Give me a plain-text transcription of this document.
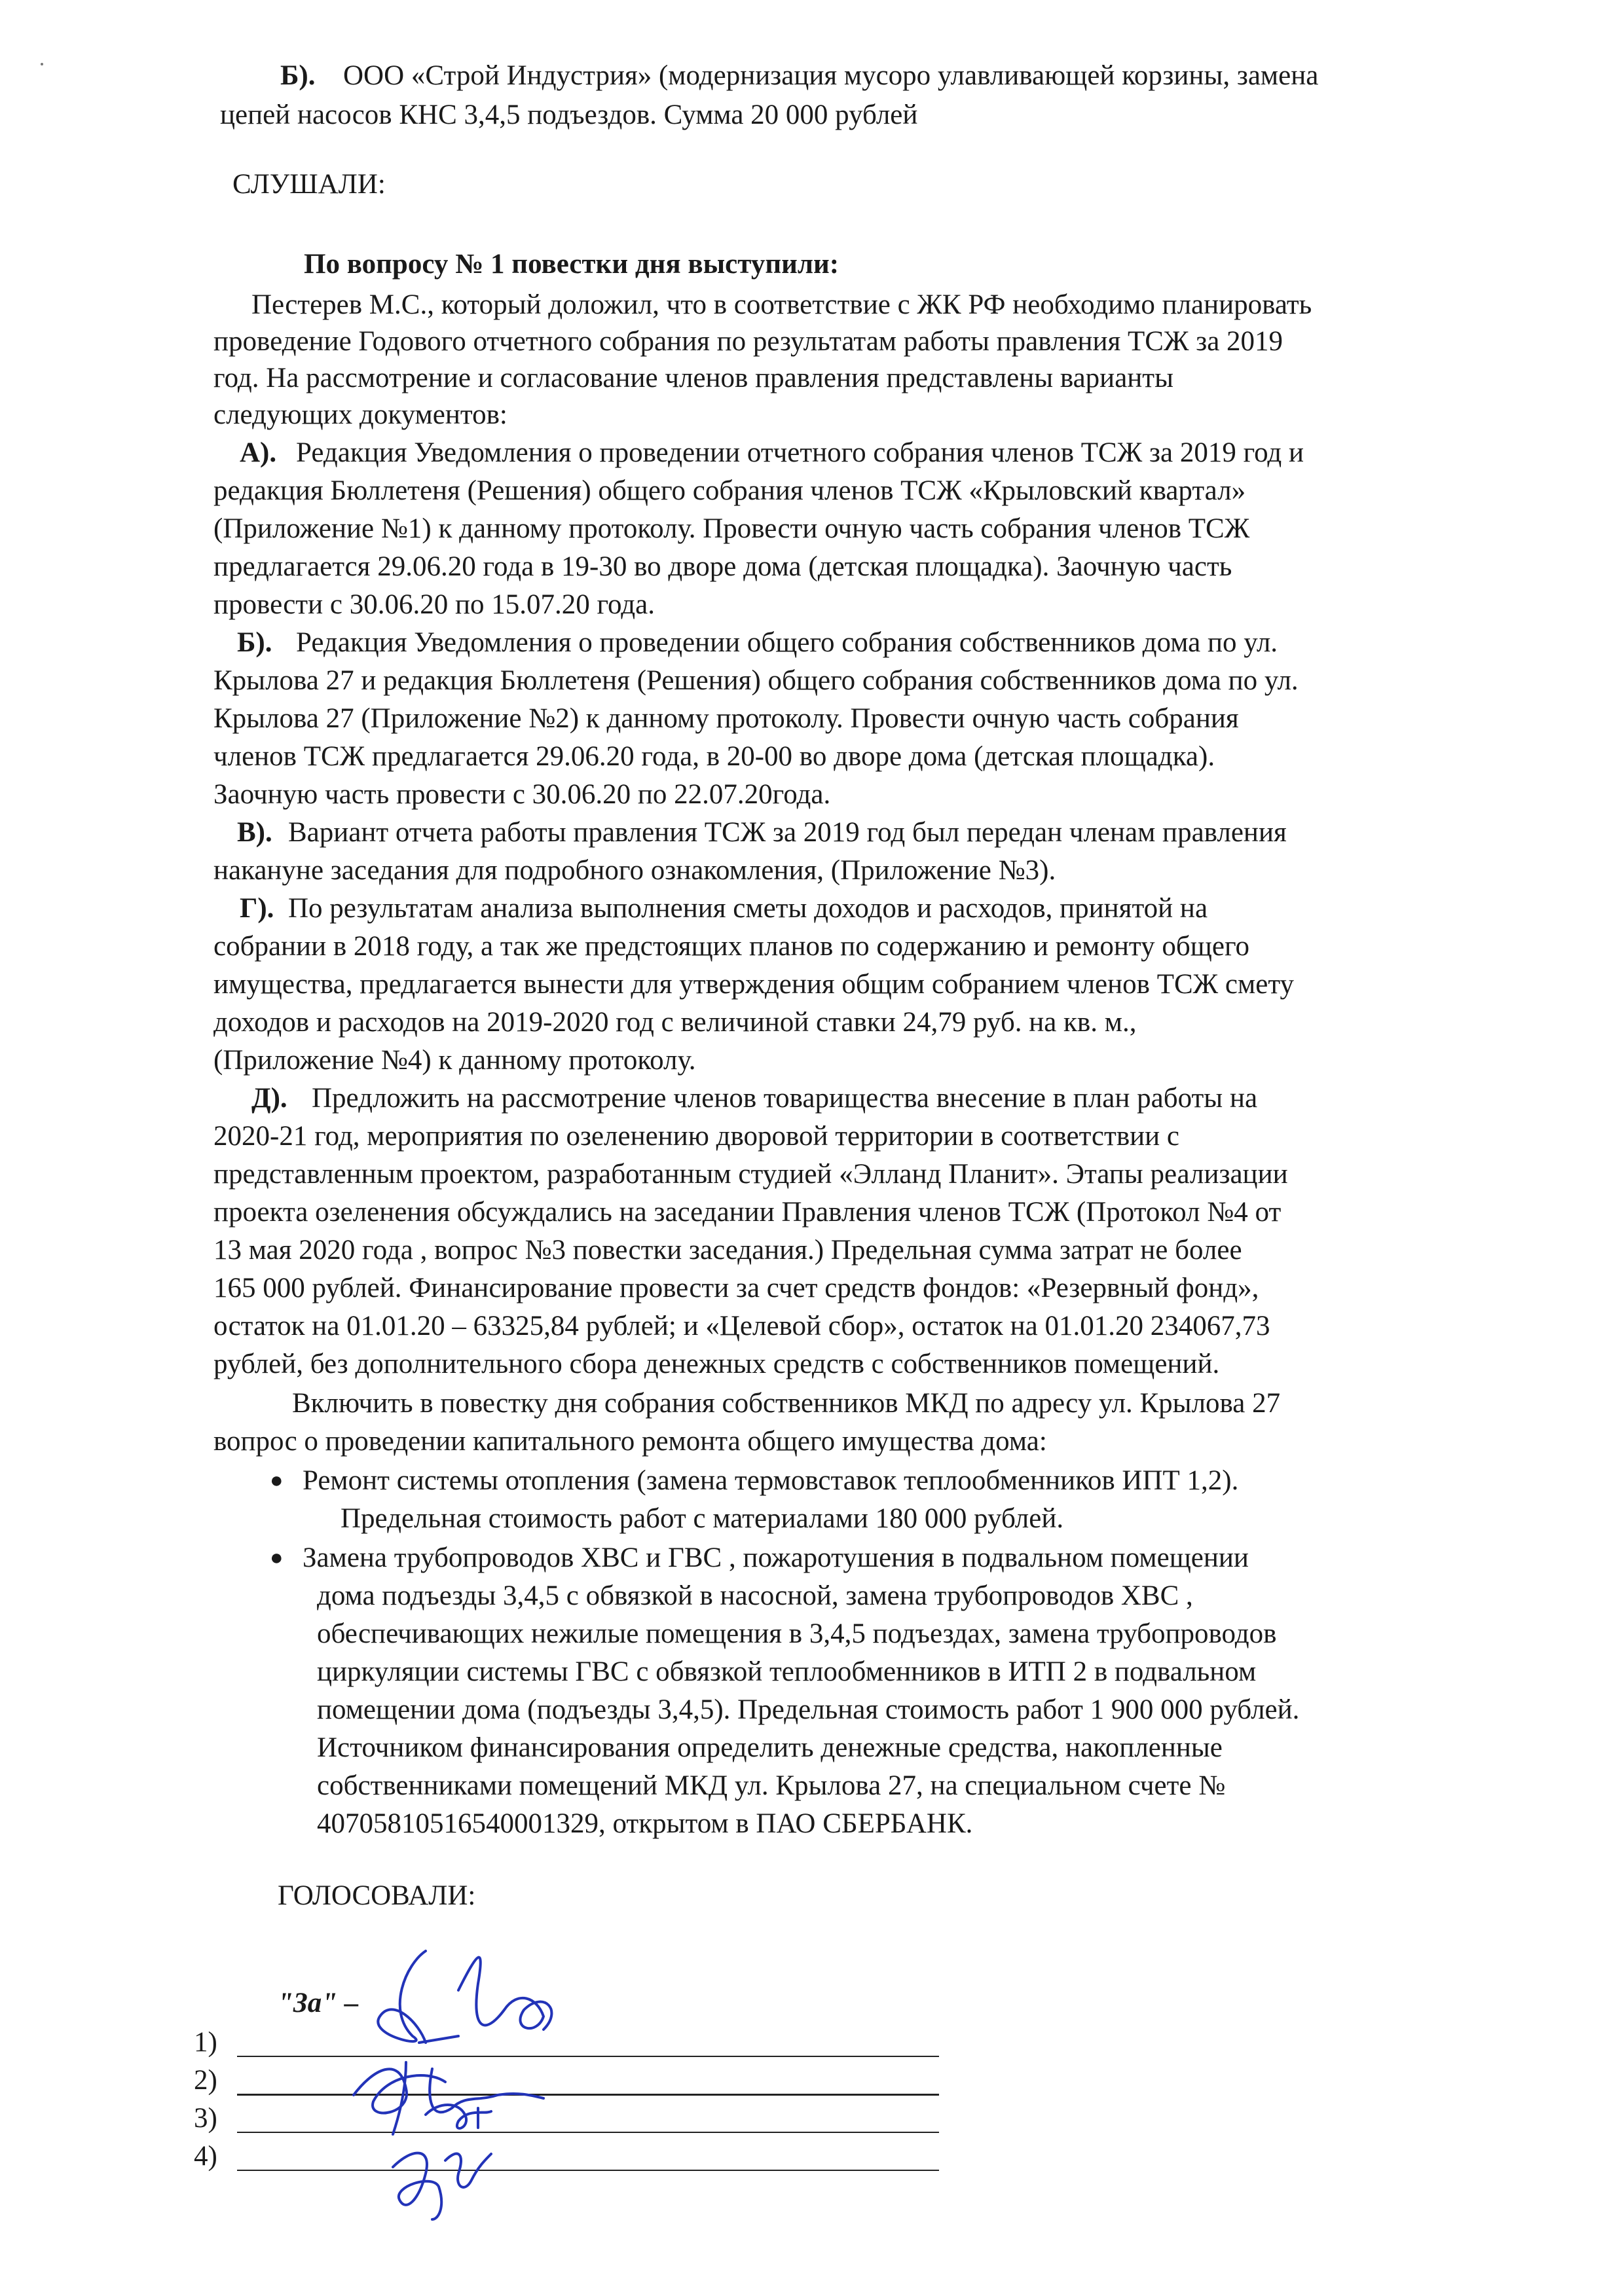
Б). ООО «Строй Индустрия» (модернизация мусоро улавливающей корзины, замена
цепей насосов КНС 3,4,5 подъездов. Сумма 20 000 рублей
СЛУШАЛИ:
По вопросу № 1 повестки дня выступили:
Пестерев М.С., который доложил, что в соответствие с ЖК РФ необходимо планировать
проведение Годового отчетного собрания по результатам работы правления ТСЖ за 2019
год. На рассмотрение и согласование членов правления представлены варианты
следующих документов:
А). Редакция Уведомления о проведении отчетного собрания членов ТСЖ за 2019 год и
редакция Бюллетеня (Решения) общего собрания членов ТСЖ «Крыловский квартал»
(Приложение №1) к данному протоколу. Провести очную часть собрания членов ТСЖ
предлагается 29.06.20 года в 19-30 во дворе дома (детская площадка). Заочную часть
провести с 30.06.20 по 15.07.20 года.
Б). Редакция Уведомления о проведении общего собрания собственников дома по ул.
Крылова 27 и редакция Бюллетеня (Решения) общего собрания собственников дома по ул.
Крылова 27 (Приложение №2) к данному протоколу. Провести очную часть собрания
членов ТСЖ предлагается 29.06.20 года, в 20-00 во дворе дома (детская площадка).
Заочную часть провести с 30.06.20 по 22.07.20года.
В). Вариант отчета работы правления ТСЖ за 2019 год был передан членам правления
накануне заседания для подробного ознакомления, (Приложение №3).
Г). По результатам анализа выполнения сметы доходов и расходов, принятой на
собрании в 2018 году, а так же предстоящих планов по содержанию и ремонту общего
имущества, предлагается вынести для утверждения общим собранием членов ТСЖ смету
доходов и расходов на 2019-2020 год с величиной ставки 24,79 руб. на кв. м.,
(Приложение №4) к данному протоколу.
Д). Предложить на рассмотрение членов товарищества внесение в план работы на
2020-21 год, мероприятия по озеленению дворовой территории в соответствии с
представленным проектом, разработанным студией «Элланд Планит». Этапы реализации
проекта озеленения обсуждались на заседании Правления членов ТСЖ (Протокол №4 от
13 мая 2020 года , вопрос №3 повестки заседания.) Предельная сумма затрат не более
165 000 рублей. Финансирование провести за счет средств фондов: «Резервный фонд»,
остаток на 01.01.20 – 63325,84 рублей; и «Целевой сбор», остаток на 01.01.20 234067,73
рублей, без дополнительного сбора денежных средств с собственников помещений.
Включить в повестку дня собрания собственников МКД по адресу ул. Крылова 27
вопрос о проведении капитального ремонта общего имущества дома:
● Ремонт системы отопления (замена термовставок теплообменников ИПТ 1,2).
Предельная стоимость работ с материалами 180 000 рублей.
● Замена трубопроводов ХВС и ГВС , пожаротушения в подвальном помещении
дома подъезды 3,4,5 с обвязкой в насосной, замена трубопроводов ХВС ,
обеспечивающих нежилые помещения в 3,4,5 подъездах, замена трубопроводов
циркуляции системы ГВС с обвязкой теплообменников в ИТП 2 в подвальном
помещении дома (подъезды 3,4,5). Предельная стоимость работ 1 900 000 рублей.
Источником финансирования определить денежные средства, накопленные
собственниками помещений МКД ул. Крылова 27, на специальном счете №
40705810516540001329, открытом в ПАО СБЕРБАНК.
ГОЛОСОВАЛИ:
"За" –
1)
2)
3)
4)
